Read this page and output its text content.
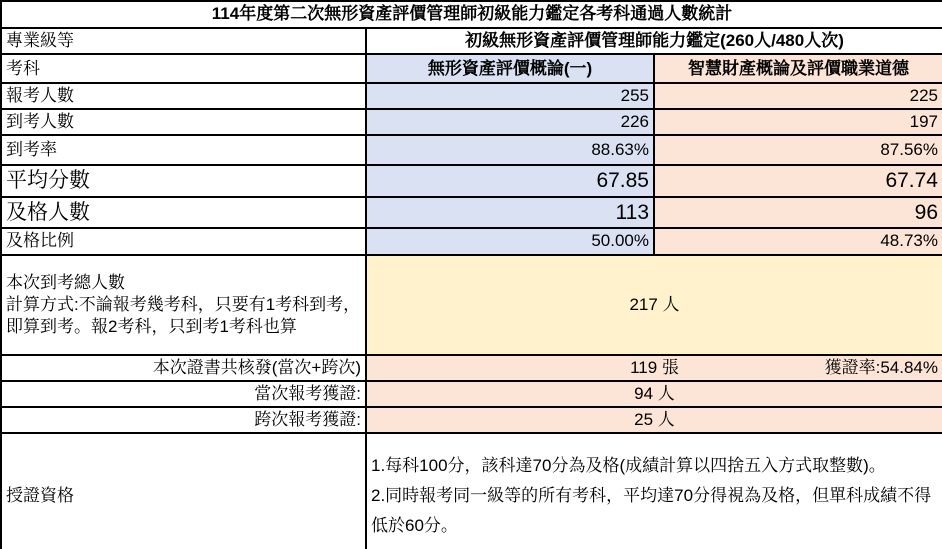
114年度第二次無形資產評價管理師初級能力鑑定各考科通過人數統計		
專業級等	初級無形資產評價管理師能力鑑定(260人/480人次)	
考科	無形資產評價概論(一)	智慧財產概論及評價職業道德
報考人數	255	225
到考人數	226	197
到考率	88.63%	87.56%
平均分數	67.85	67.74
及格人數	113	96
及格比例	50.00%	48.73%

本次到考總人數
計算方式:不論報考幾考科，只要有1考科到考，即算到考。報2考科，只到考1考科也算	217 人	
本次證書共核發(當次+跨次)	119 張 獲證率:54.84%	

當次報考獲證:	94 人	
跨次報考獲證:	25 人	
授證資格	1.每科100分，該科達70分為及格(成績計算以四捨五入方式取整數)。
2.同時報考同一級等的所有考科，平均達70分得視為及格，但單科成績不得低於60分。	
